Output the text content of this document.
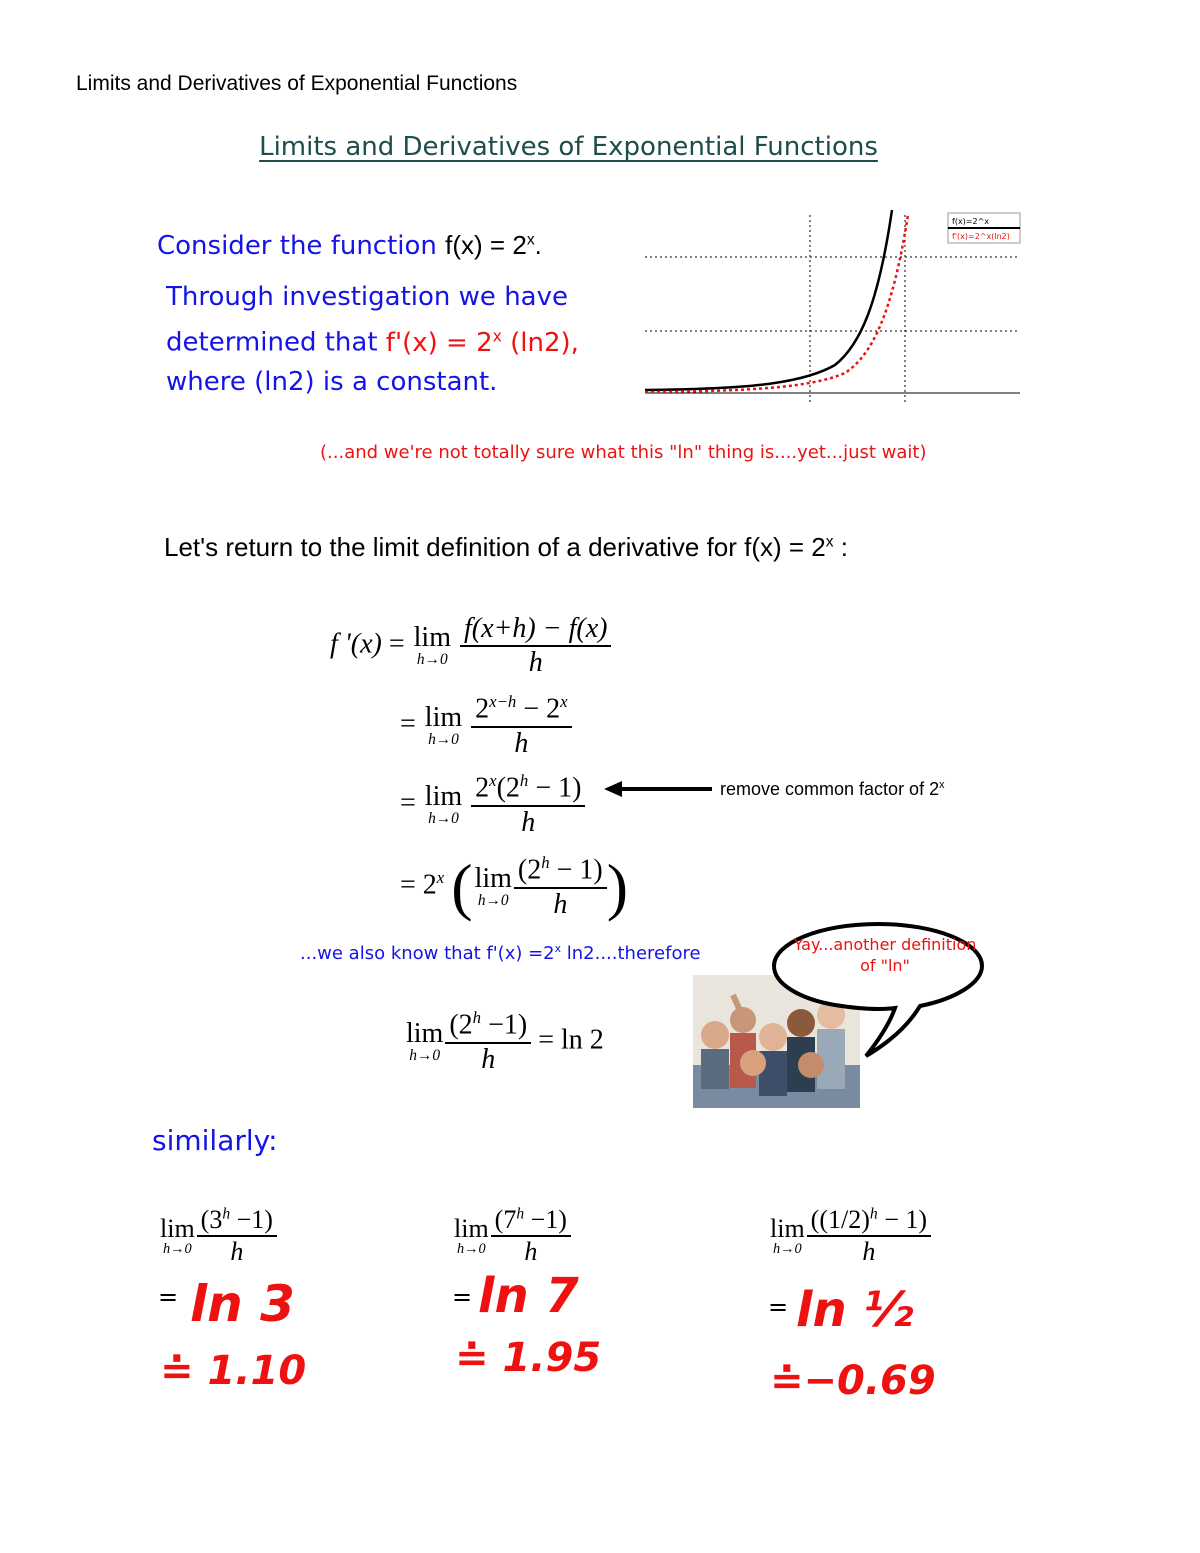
Limits and Derivatives of Exponential Functions
Limits and Derivatives of Exponential Functions
Consider the function $f(x) = 2^x$.
Through investigation we have
determined that $f'(x) = 2^x$ (ln2),
where (ln2) is a constant.
f(x)=2^x
f'(x)=2^x(ln2)
(...and we're not totally sure what this "ln" thing is....yet...just wait)
Let's return to the limit definition of a derivative for $f(x) = 2^x$ :
f '(x) = lim
h→0
$\frac{f(x+h) - f(x)}{h}$
= lim
h→0
$\frac{2^{x-h} - 2^x}{h}$
= lim
h→0
$\frac{2^x(2^h - 1)}{h}$	remove common factor of $2^x$
= $2^x$ ( lim
$h\to 0 \frac{(2^h - 1)}{h}$ )
...we also know that $f'(x) =2^x$ ln2....therefore
lim
$h\to 0 \frac{(2^h -1)}{h} = \ln 2$
Yay...another definition of "ln"
similarly:
lim
$h\to 0 \frac{(3^h -1)}{h}$
= ln 3
≐ 1.10
lim
$h\to 0 \frac{(7^h -1)}{h}$
= ln 7
≐ 1.95
lim
$h\to 0 \frac{((1/2)^h - 1)}{h}$
= ln ½
≐−0.69
